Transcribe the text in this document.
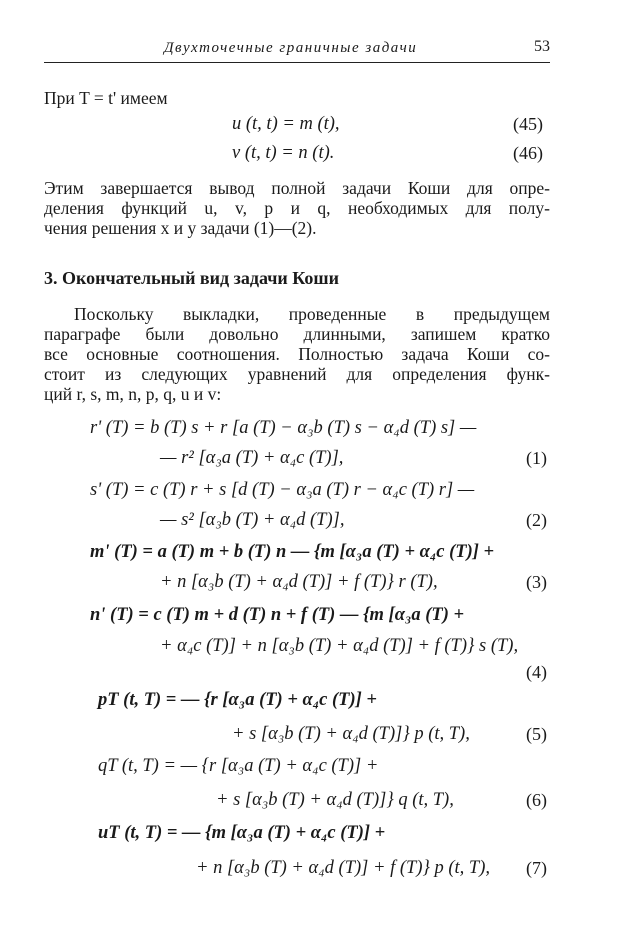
Двухточечные граничные задачи	53
При T = t' имеем
u (t, t) = m (t),	(45)
v (t, t) = n (t).	(46)
Этим завершается вывод полной задачи Коши для опре-
деления функций u, v, p и q, необходимых для полу-
чения решения x и y задачи (1)—(2).
3. Окончательный вид задачи Коши
Поскольку выкладки, проведенные в предыдущем
параграфе были довольно длинными, запишем кратко
все основные соотношения. Полностью задача Коши со-
стоит из следующих уравнений для определения функ-
ций r, s, m, n, p, q, u и v:
r' (T) = b (T) s + r [a (T) − α₃b (T) s − α₄d (T) s] —
— r² [α₃a (T) + α₄c (T)],	(1)
s' (T) = c (T) r + s [d (T) − α₃a (T) r − α₄c (T) r] —
— s² [α₃b (T) + α₄d (T)],	(2)
m' (T) = a (T) m + b (T) n — {m [α₃a (T) + α₄c (T)] +
+ n [α₃b (T) + α₄d (T)] + f (T)} r (T),	(3)
n' (T) = c (T) m + d (T) n + f (T) — {m [α₃a (T) +
+ α₄c (T)] + n [α₃b (T) + α₄d (T)] + f (T)} s (T),
(4)
pT (t, T) = — {r [α₃a (T) + α₄c (T)] +
+ s [α₃b (T) + α₄d (T)]} p (t, T),	(5)
qT (t, T) = — {r [α₃a (T) + α₄c (T)] +
+ s [α₃b (T) + α₄d (T)]} q (t, T),	(6)
uT (t, T) = — {m [α₃a (T) + α₄c (T)] +
+ n [α₃b (T) + α₄d (T)] + f (T)} p (t, T), (7)
